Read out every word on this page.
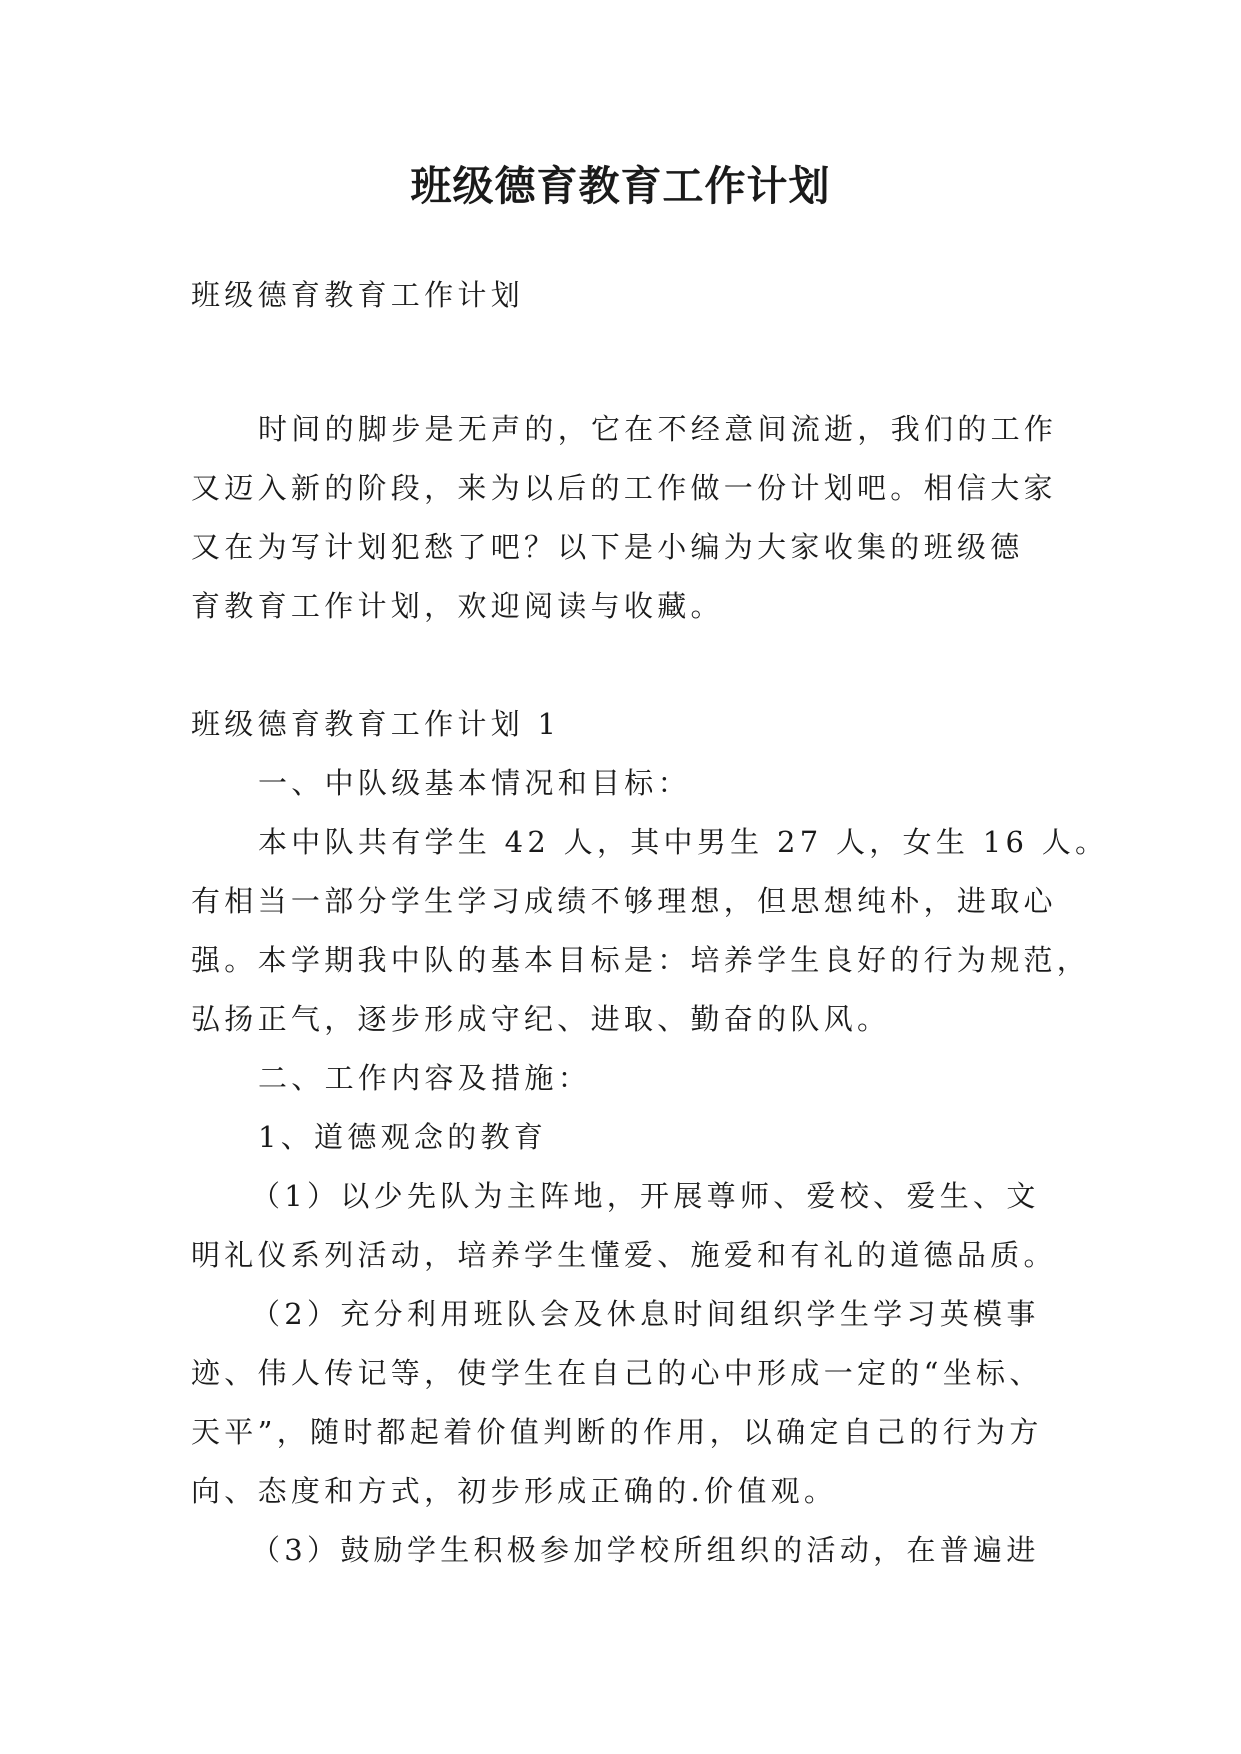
班级德育教育工作计划
班级德育教育工作计划
时间的脚步是无声的，它在不经意间流逝，我们的工作
又迈入新的阶段，来为以后的工作做一份计划吧。相信大家
又在为写计划犯愁了吧？以下是小编为大家收集的班级德
育教育工作计划，欢迎阅读与收藏。
班级德育教育工作计划 1
一、中队级基本情况和目标：
本中队共有学生 42 人，其中男生 27 人，女生 16 人。
有相当一部分学生学习成绩不够理想，但思想纯朴，进取心
强。本学期我中队的基本目标是：培养学生良好的行为规范，
弘扬正气，逐步形成守纪、进取、勤奋的队风。
二、工作内容及措施：
1、道德观念的教育
（1）以少先队为主阵地，开展尊师、爱校、爱生、文
明礼仪系列活动，培养学生懂爱、施爱和有礼的道德品质。
（2）充分利用班队会及休息时间组织学生学习英模事
迹、伟人传记等，使学生在自己的心中形成一定的“坐标、
天平”，随时都起着价值判断的作用，以确定自己的行为方
向、态度和方式，初步形成正确的.价值观。
（3）鼓励学生积极参加学校所组织的活动，在普遍进
